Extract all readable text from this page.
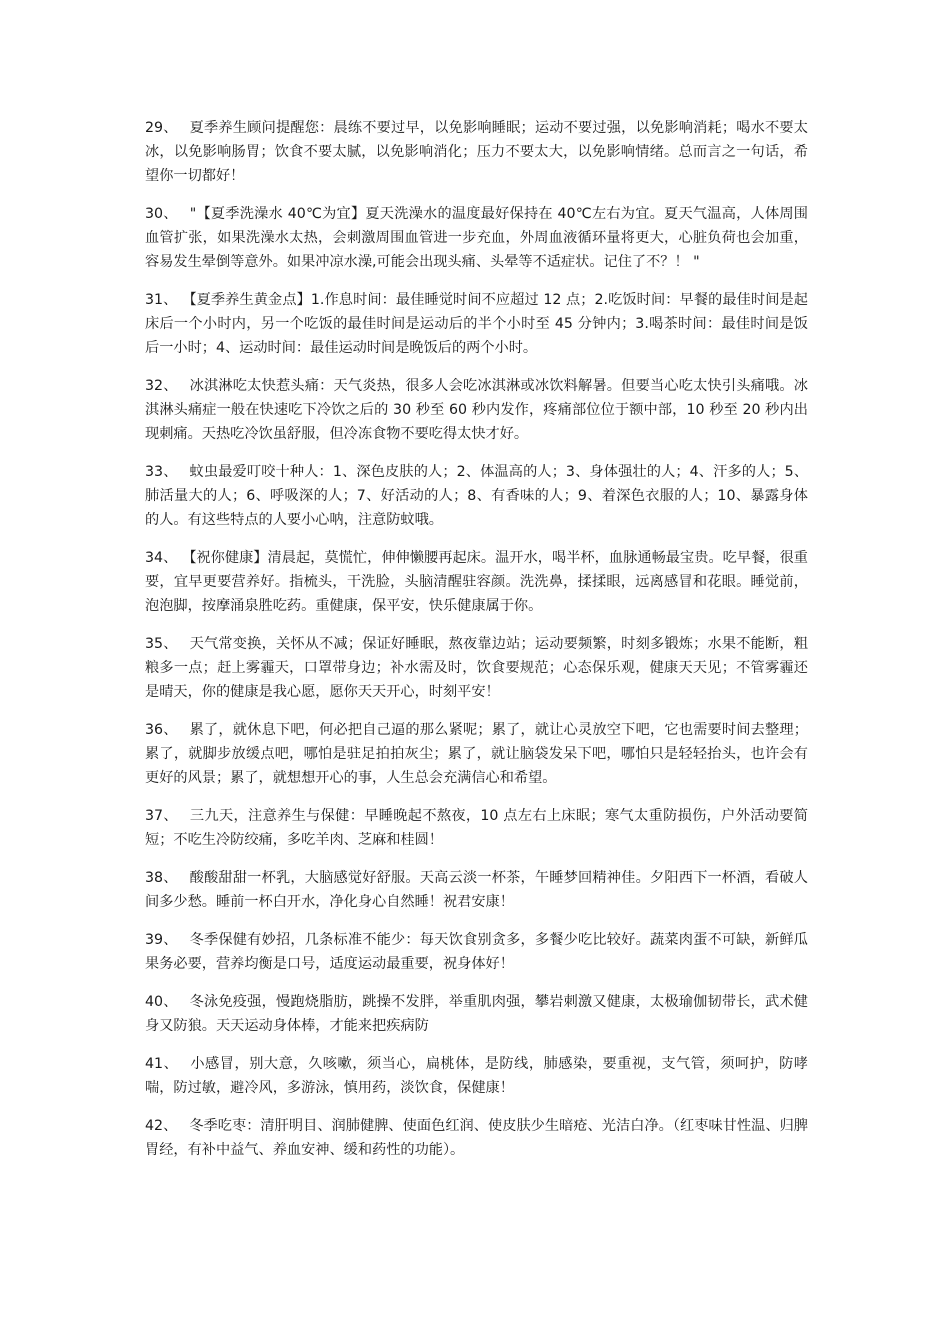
29、 夏季养生顾问提醒您：晨练不要过早，以免影响睡眠；运动不要过强，以免影响消耗；喝水不要太冰，以免影响肠胃；饮食不要太腻，以免影响消化；压力不要太大，以免影响情绪。总而言之一句话，希望你一切都好！

30、 "【夏季洗澡水 40℃为宜】夏天洗澡水的温度最好保持在 40℃左右为宜。夏天气温高，人体周围血管扩张，如果洗澡水太热，会刺激周围血管进一步充血，外周血液循环量将更大，心脏负荷也会加重，容易发生晕倒等意外。如果冲凉水澡,可能会出现头痛、头晕等不适症状。记住了不？！ "

31、 【夏季养生黄金点】1.作息时间：最佳睡觉时间不应超过 12 点；2.吃饭时间：早餐的最佳时间是起床后一个小时内，另一个吃饭的最佳时间是运动后的半个小时至 45 分钟内；3.喝茶时间：最佳时间是饭后一小时；4、运动时间：最佳运动时间是晚饭后的两个小时。

32、 冰淇淋吃太快惹头痛：天气炎热，很多人会吃冰淇淋或冰饮料解暑。但要当心吃太快引头痛哦。冰淇淋头痛症一般在快速吃下冷饮之后的 30 秒至 60 秒内发作，疼痛部位位于额中部，10 秒至 20 秒内出现刺痛。天热吃冷饮虽舒服，但冷冻食物不要吃得太快才好。

33、 蚊虫最爱叮咬十种人：1、深色皮肤的人；2、体温高的人；3、身体强壮的人；4、汗多的人；5、肺活量大的人；6、呼吸深的人；7、好活动的人；8、有香味的人；9、着深色衣服的人；10、暴露身体的人。有这些特点的人要小心呐，注意防蚊哦。

34、 【祝你健康】清晨起，莫慌忙，伸伸懒腰再起床。温开水，喝半杯，血脉通畅最宝贵。吃早餐，很重要，宜早更要营养好。指梳头，干洗脸，头脑清醒驻容颜。洗洗鼻，揉揉眼，远离感冒和花眼。睡觉前，泡泡脚，按摩涌泉胜吃药。重健康，保平安，快乐健康属于你。

35、 天气常变换，关怀从不减；保证好睡眠，熬夜靠边站；运动要频繁，时刻多锻炼；水果不能断，粗粮多一点；赶上雾霾天，口罩带身边；补水需及时，饮食要规范；心态保乐观，健康天天见；不管雾霾还是晴天，你的健康是我心愿，愿你天天开心，时刻平安！

36、 累了，就休息下吧，何必把自己逼的那么紧呢；累了，就让心灵放空下吧，它也需要时间去整理；累了，就脚步放缓点吧，哪怕是驻足拍拍灰尘；累了，就让脑袋发呆下吧，哪怕只是轻轻抬头，也许会有更好的风景；累了，就想想开心的事，人生总会充满信心和希望。

37、 三九天，注意养生与保健：早睡晚起不熬夜，10 点左右上床眠；寒气太重防损伤，户外活动要简短；不吃生冷防绞痛，多吃羊肉、芝麻和桂圆！

38、 酸酸甜甜一杯乳，大脑感觉好舒服。天高云淡一杯茶，午睡梦回精神佳。夕阳西下一杯酒，看破人间多少愁。睡前一杯白开水，净化身心自然睡！祝君安康！

39、 冬季保健有妙招，几条标准不能少：每天饮食别贪多，多餐少吃比较好。蔬菜肉蛋不可缺，新鲜瓜果务必要，营养均衡是口号，适度运动最重要，祝身体好！

40、 冬泳免疫强，慢跑烧脂肪，跳操不发胖，举重肌肉强，攀岩刺激又健康，太极瑜伽韧带长，武术健身又防狼。天天运动身体棒，才能来把疾病防

41、 小感冒，别大意，久咳嗽，须当心，扁桃体，是防线，肺感染，要重视，支气管，须呵护，防哮喘，防过敏，避冷风，多游泳，慎用药，淡饮食，保健康！

42、 冬季吃枣：清肝明目、润肺健脾、使面色红润、使皮肤少生暗疮、光洁白净。（红枣味甘性温、归脾胃经，有补中益气、养血安神、缓和药性的功能）。
